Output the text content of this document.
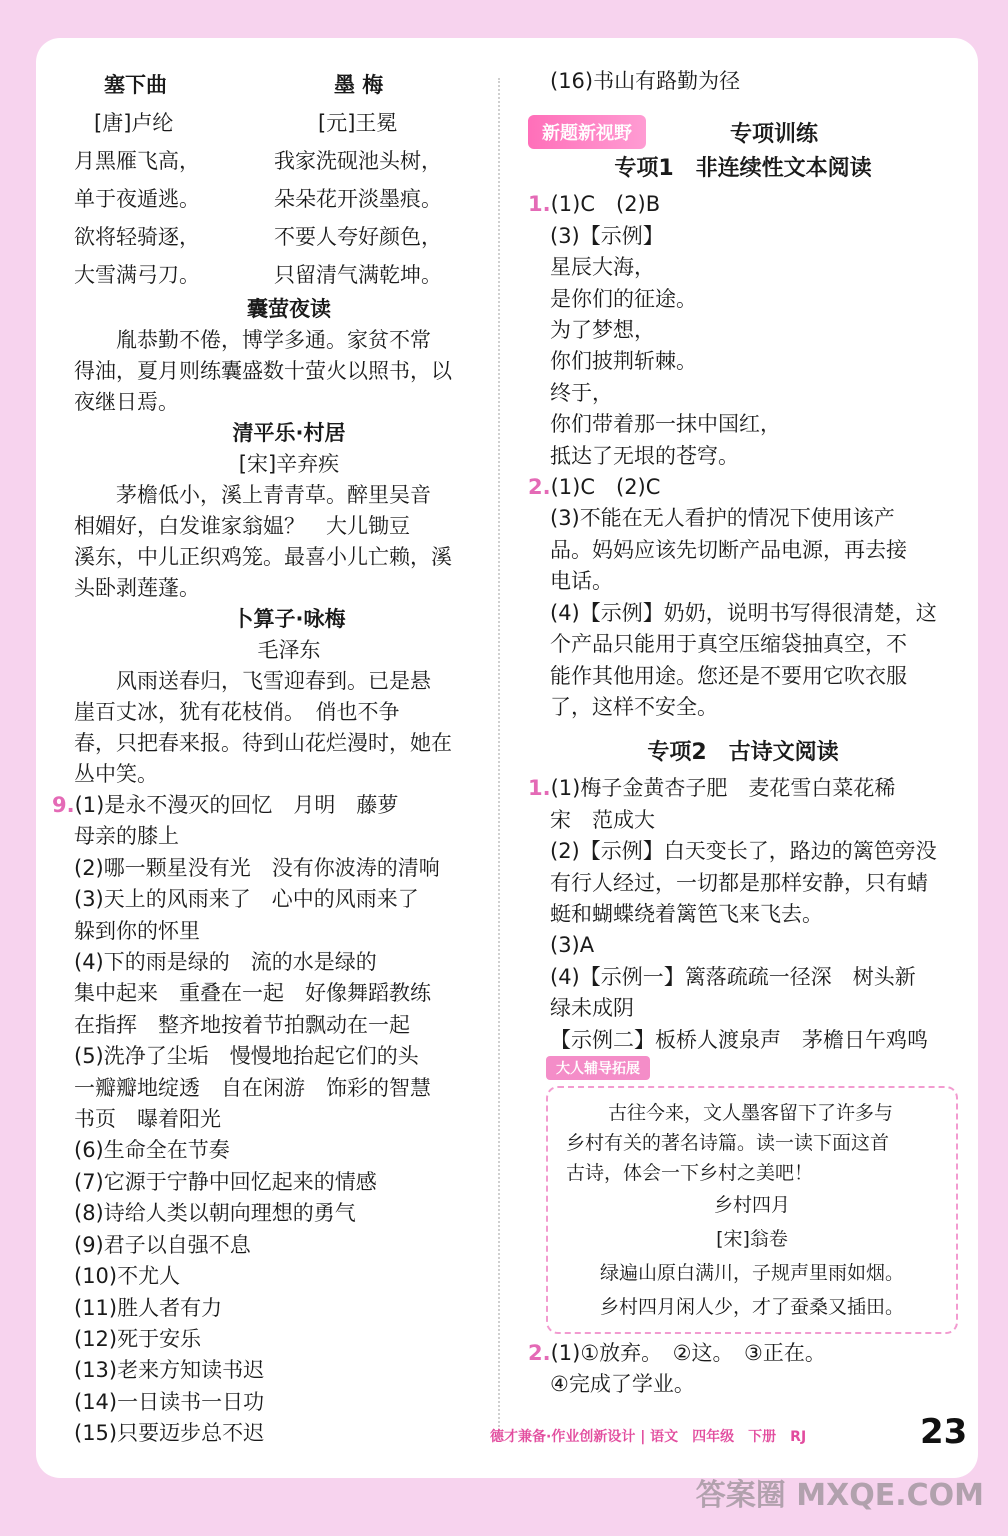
塞下曲	墨 梅
[唐]卢纶	[元]王冕
月黑雁飞高，	我家洗砚池头树，
单于夜遁逃。	朵朵花开淡墨痕。
欲将轻骑逐，	不要人夸好颜色，
大雪满弓刀。	只留清气满乾坤。
囊萤夜读
胤恭勤不倦，博学多通。家贫不常
得油，夏月则练囊盛数十萤火以照书，以
夜继日焉。
清平乐·村居
[宋]辛弃疾
茅檐低小，溪上青青草。醉里吴音
相媚好，白发谁家翁媪？　大儿锄豆
溪东，中儿正织鸡笼。最喜小儿亡赖，溪
头卧剥莲蓬。
卜算子·咏梅
毛泽东
风雨送春归，飞雪迎春到。已是悬
崖百丈冰，犹有花枝俏。　俏也不争
春，只把春来报。待到山花烂漫时，她在
丛中笑。
9.(1)是永不漫灭的回忆　月明　藤萝
母亲的膝上
(2)哪一颗星没有光　没有你波涛的清响
(3)天上的风雨来了　心中的风雨来了
躲到你的怀里
(4)下的雨是绿的　流的水是绿的
集中起来　重叠在一起　好像舞蹈教练
在指挥　整齐地按着节拍飘动在一起
(5)洗净了尘垢　慢慢地抬起它们的头
一瓣瓣地绽透　自在闲游　饰彩的智慧
书页　曝着阳光
(6)生命全在节奏
(7)它源于宁静中回忆起来的情感
(8)诗给人类以朝向理想的勇气
(9)君子以自强不息
(10)不尤人
(11)胜人者有力
(12)死于安乐
(13)老来方知读书迟
(14)一日读书一日功
(15)只要迈步总不迟
(16)书山有路勤为径
新题新视野	专项训练
专项1　非连续性文本阅读
1.(1)C　(2)B
(3)【示例】
星辰大海，
是你们的征途。
为了梦想，
你们披荆斩棘。
终于，
你们带着那一抹中国红，
抵达了无垠的苍穹。
2.(1)C　(2)C
(3)不能在无人看护的情况下使用该产
品。妈妈应该先切断产品电源，再去接
电话。
(4)【示例】奶奶，说明书写得很清楚，这
个产品只能用于真空压缩袋抽真空，不
能作其他用途。您还是不要用它吹衣服
了，这样不安全。
专项2　古诗文阅读
1.(1)梅子金黄杏子肥　麦花雪白菜花稀
宋　范成大
(2)【示例】白天变长了，路边的篱笆旁没
有行人经过，一切都是那样安静，只有蜻
蜓和蝴蝶绕着篱笆飞来飞去。
(3)A
(4)【示例一】篱落疏疏一径深　树头新
绿未成阴
【示例二】板桥人渡泉声　茅檐日午鸡鸣
大人辅导拓展
古往今来，文人墨客留下了许多与
乡村有关的著名诗篇。读一读下面这首
古诗，体会一下乡村之美吧！
乡村四月
[宋]翁卷
绿遍山原白满川，子规声里雨如烟。
乡村四月闲人少，才了蚕桑又插田。
2.(1)①放弃。　②这。　③正在。
④完成了学业。
德才兼备·作业创新设计 | 语文　四年级　下册　RJ	23
答案圈 MXQE.COM
